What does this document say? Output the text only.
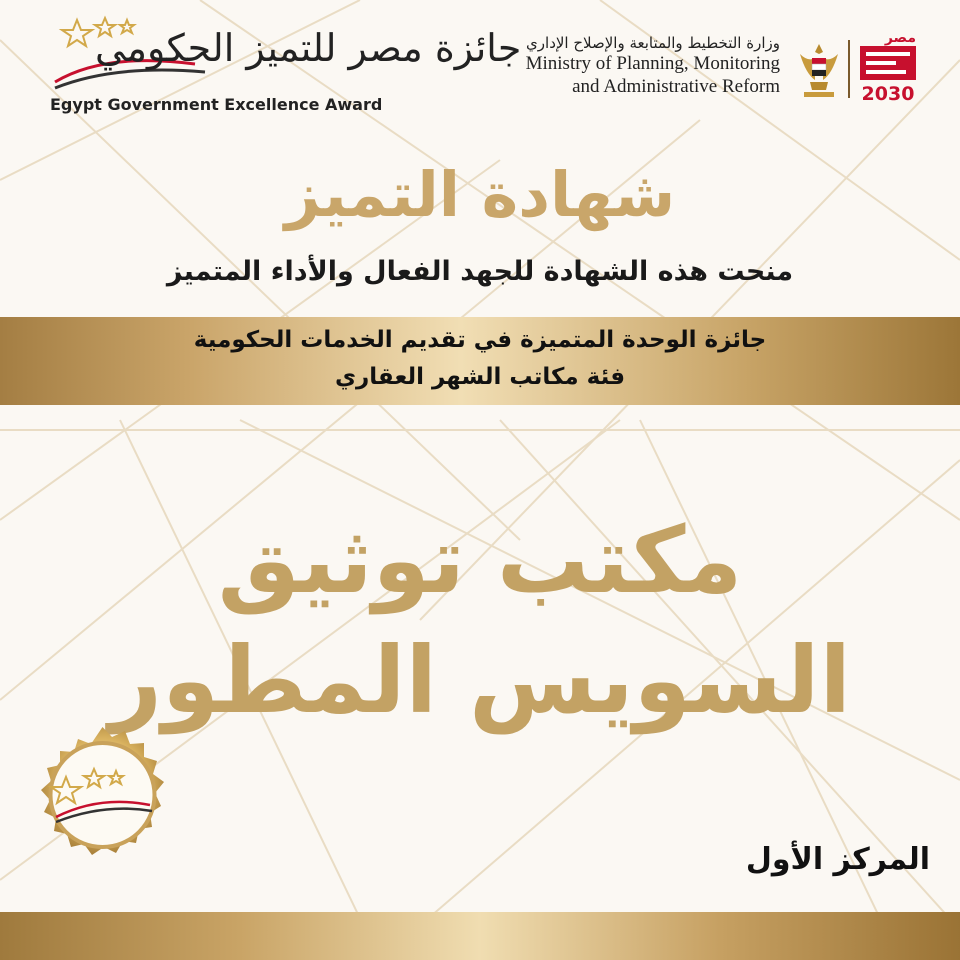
جائزة مصر للتميز الحكومي
Egypt Government Excellence Award
وزارة التخطيط والمتابعة والإصلاح الإداري
Ministry of Planning, Monitoring
and Administrative Reform
مصر
2030
شهادة التميز
منحت هذه الشهادة للجهد الفعال والأداء المتميز
جائزة الوحدة المتميزة في تقديم الخدمات الحكومية
فئة مكاتب الشهر العقاري
مكتب توثيق
السويس المطور
المركز الأول
